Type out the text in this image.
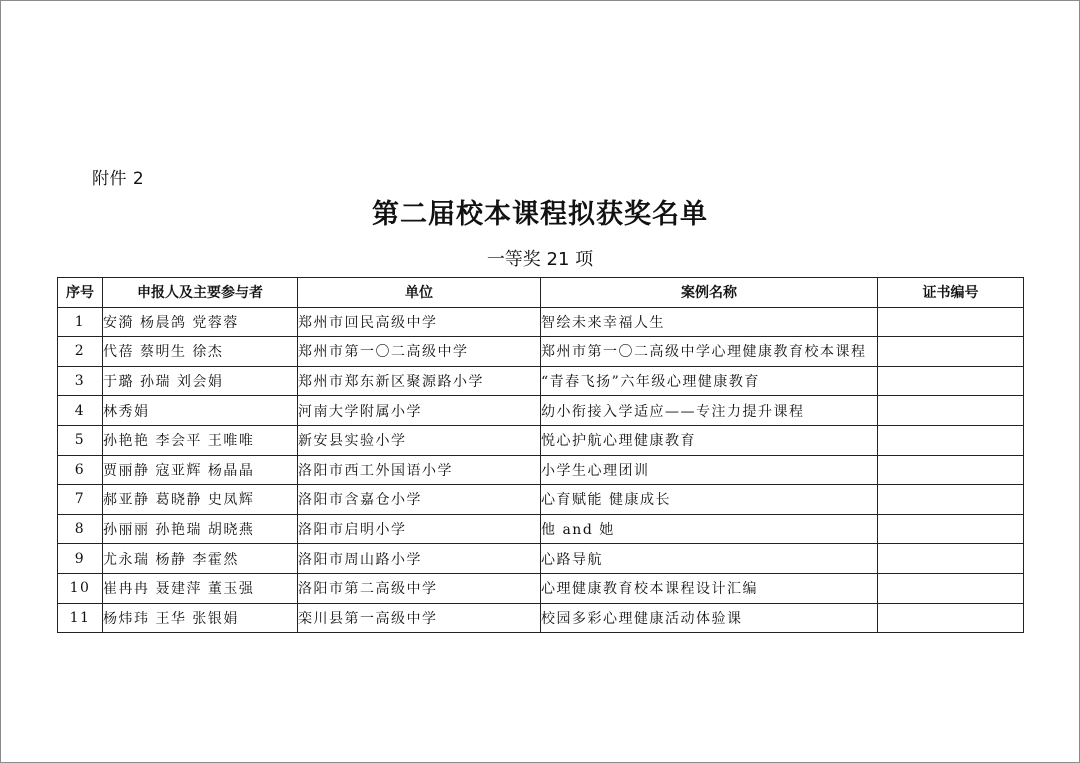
附件 2
第二届校本课程拟获奖名单
一等奖 21 项
序号	申报人及主要参与者	单位	案例名称	证书编号
1	安漪 杨晨鸽 党蓉蓉	郑州市回民高级中学	智绘未来幸福人生	
2	代蓓 蔡明生 徐杰	郑州市第一〇二高级中学	郑州市第一〇二高级中学心理健康教育校本课程	
3	于璐 孙瑞 刘会娟	郑州市郑东新区聚源路小学	“青春飞扬”六年级心理健康教育	
4	林秀娟	河南大学附属小学	幼小衔接入学适应——专注力提升课程	
5	孙艳艳 李会平 王唯唯	新安县实验小学	悦心护航心理健康教育	
6	贾丽静 寇亚辉 杨晶晶	洛阳市西工外国语小学	小学生心理团训	
7	郝亚静 葛晓静 史凤辉	洛阳市含嘉仓小学	心育赋能 健康成长	
8	孙丽丽 孙艳瑞 胡晓燕	洛阳市启明小学	他 and 她	
9	尤永瑞 杨静 李霍然	洛阳市周山路小学	心路导航	
10	崔冉冉 聂建萍 董玉强	洛阳市第二高级中学	心理健康教育校本课程设计汇编	
11	杨炜玮 王华 张银娟	栾川县第一高级中学	校园多彩心理健康活动体验课	
